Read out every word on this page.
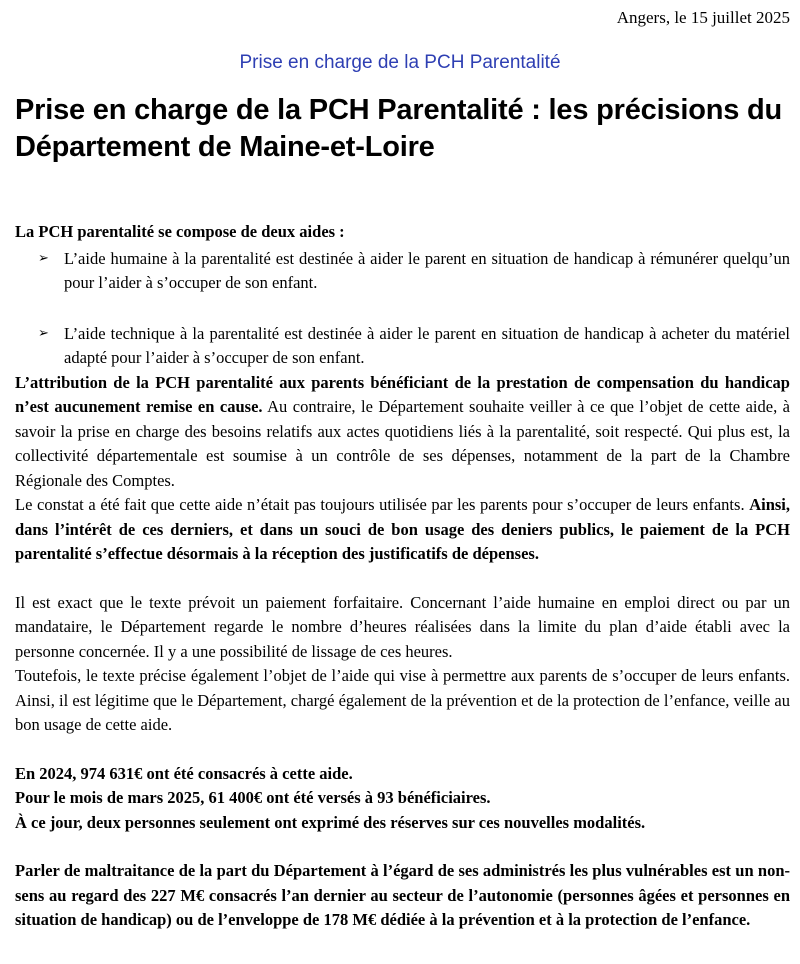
Angers, le 15 juillet 2025
Prise en charge de la PCH Parentalité
Prise en charge de la PCH Parentalité : les précisions du Département de Maine-et-Loire

La PCH parentalité se compose de deux aides :

➢ L’aide humaine à la parentalité est destinée à aider le parent en situation de handicap à rémunérer quelqu’un pour l’aider à s’occuper de son enfant.

➢ L’aide technique à la parentalité est destinée à aider le parent en situation de handicap à acheter du matériel adapté pour l’aider à s’occuper de son enfant.

L’attribution de la PCH parentalité aux parents bénéficiant de la prestation de compensation du handicap n’est aucunement remise en cause. Au contraire, le Département souhaite veiller à ce que l’objet de cette aide, à savoir la prise en charge des besoins relatifs aux actes quotidiens liés à la parentalité, soit respecté. Qui plus est, la collectivité départementale est soumise à un contrôle de ses dépenses, notamment de la part de la Chambre Régionale des Comptes.

Le constat a été fait que cette aide n’était pas toujours utilisée par les parents pour s’occuper de leurs enfants. Ainsi, dans l’intérêt de ces derniers, et dans un souci de bon usage des deniers publics, le paiement de la PCH parentalité s’effectue désormais à la réception des justificatifs de dépenses.

Il est exact que le texte prévoit un paiement forfaitaire. Concernant l’aide humaine en emploi direct ou par un mandataire, le Département regarde le nombre d’heures réalisées dans la limite du plan d’aide établi avec la personne concernée. Il y a une possibilité de lissage de ces heures.

Toutefois, le texte précise également l’objet de l’aide qui vise à permettre aux parents de s’occuper de leurs enfants. Ainsi, il est légitime que le Département, chargé également de la prévention et de la protection de l’enfance, veille au bon usage de cette aide.

En 2024, 974 631€ ont été consacrés à cette aide.

Pour le mois de mars 2025, 61 400€ ont été versés à 93 bénéficiaires.

À ce jour, deux personnes seulement ont exprimé des réserves sur ces nouvelles modalités.

Parler de maltraitance de la part du Département à l’égard de ses administrés les plus vulnérables est un non-sens au regard des 227 M€ consacrés l’an dernier au secteur de l’autonomie (personnes âgées et personnes en situation de handicap) ou de l’enveloppe de 178 M€ dédiée à la prévention et à la protection de l’enfance.
